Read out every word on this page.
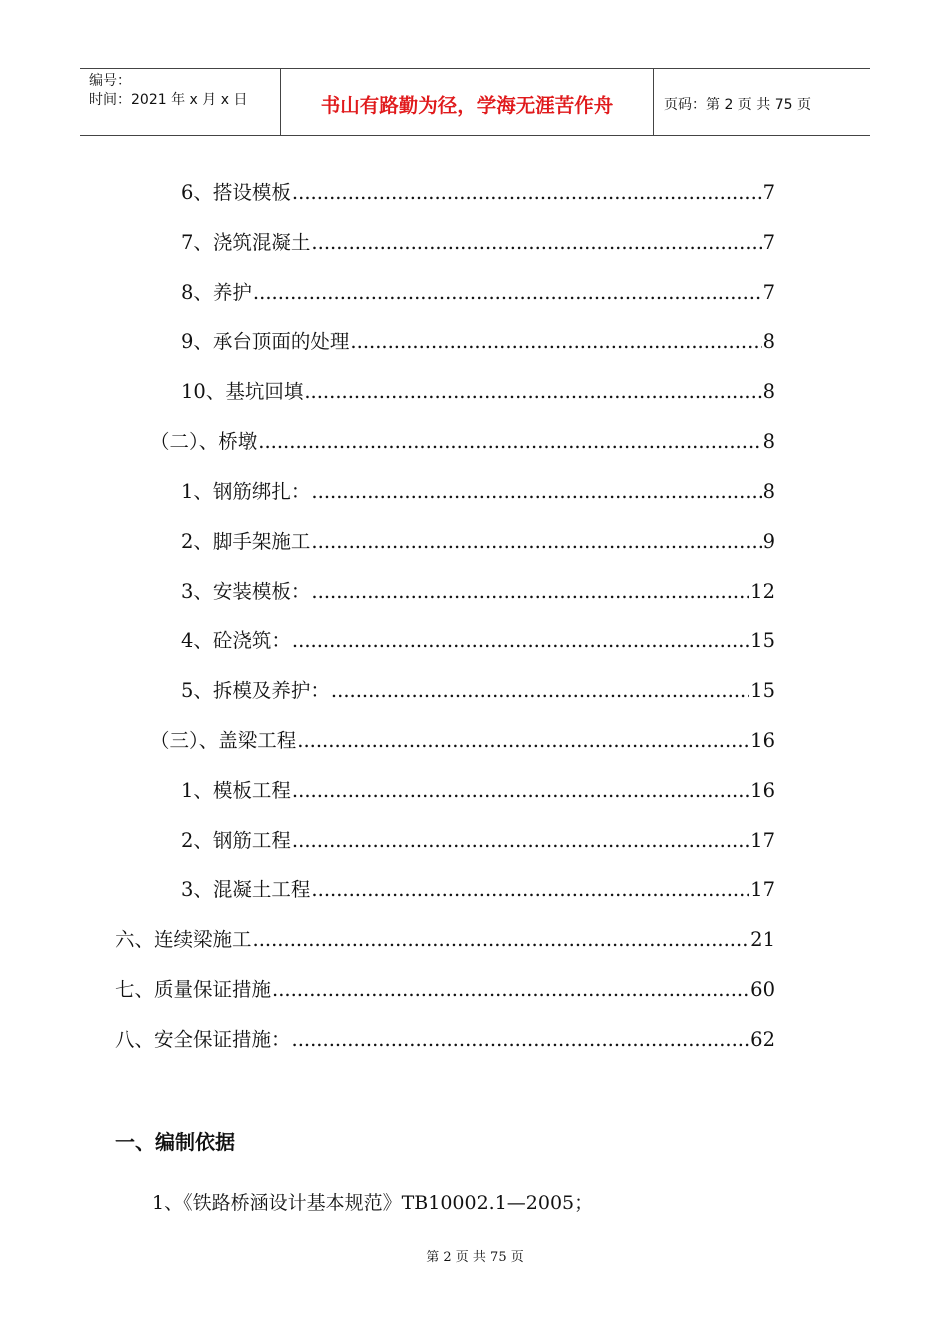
编号：
时间：2021 年 x 月 x 日	书山有路勤为径，学海无涯苦作舟	页码：第 2 页 共 75 页
6、搭设模板 .....	7
7、浇筑混凝土 .....	7
8、养护 .....	7
9、承台顶面的处理 .....	8
10、基坑回填 .....	8
（二）、桥墩 .....	8
1、钢筋绑扎： .....	8
2、脚手架施工 .....	9
3、安装模板： .....	12
4、砼浇筑： .....	15
5、拆模及养护： .....	15
（三）、盖梁工程 .....	16
1、模板工程 .....	16
2、钢筋工程 .....	17
3、混凝土工程 .....	17
六、连续梁施工 .....	21
七、质量保证措施 .....	60
八、安全保证措施： .....	62
一、编制依据
1、《铁路桥涵设计基本规范》TB10002.1—2005；
第 2 页 共 75 页
